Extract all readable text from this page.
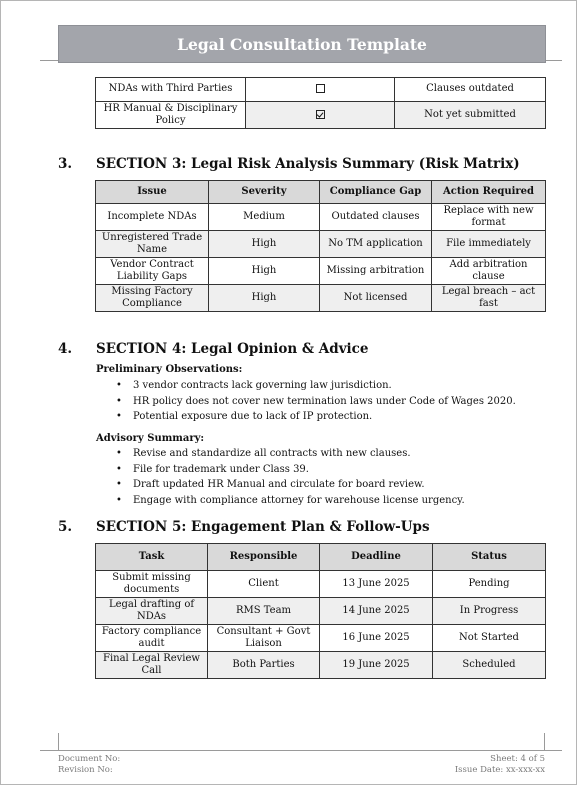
Legal Consultation Template
NDAs with Third Parties		Clauses outdated
HR Manual & Disciplinary Policy		Not yet submitted
3. SECTION 3: Legal Risk Analysis Summary (Risk Matrix)
Issue	Severity	Compliance Gap	Action Required
Incomplete NDAs	Medium	Outdated clauses	Replace with new format
Unregistered Trade Name	High	No TM application	File immediately
Vendor Contract Liability Gaps	High	Missing arbitration	Add arbitration clause
Missing Factory Compliance	High	Not licensed	Legal breach – act fast
4. SECTION 4: Legal Opinion & Advice
Preliminary Observations:
• 3 vendor contracts lack governing law jurisdiction.
• HR policy does not cover new termination laws under Code of Wages 2020.
• Potential exposure due to lack of IP protection.
Advisory Summary:
• Revise and standardize all contracts with new clauses.
• File for trademark under Class 39.
• Draft updated HR Manual and circulate for board review.
• Engage with compliance attorney for warehouse license urgency.
5. SECTION 5: Engagement Plan & Follow-Ups
Task	Responsible	Deadline	Status
Submit missing documents	Client	13 June 2025	Pending
Legal drafting of NDAs	RMS Team	14 June 2025	In Progress
Factory compliance audit	Consultant + Govt Liaison	16 June 2025	Not Started
Final Legal Review Call	Both Parties	19 June 2025	Scheduled
Document No:
Revision No:
Sheet: 4 of 5
Issue Date: xx-xxx-xx
